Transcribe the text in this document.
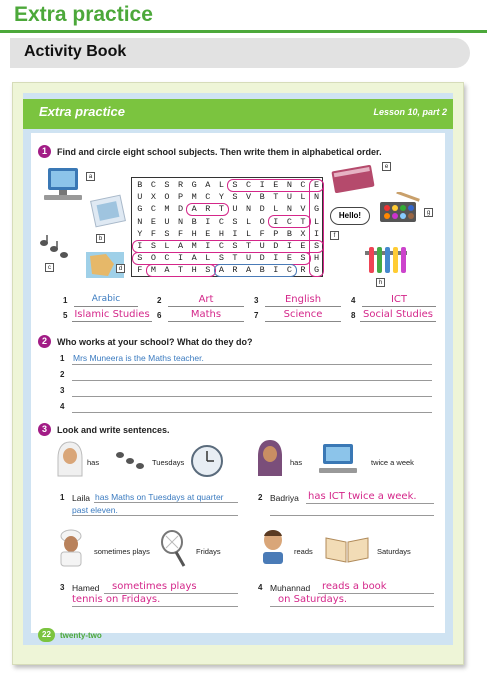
Extra practice
Activity Book
Extra practice	Lesson 10, part 2
1	Find and circle eight school subjects. Then write them in alphabetical order.
a
b
c	d
e
Hello!
f
g
h
B C S	R G	A L S	C I	E N C	E
U X O	P M	C Y S	V B	T U L	N
G C M	D A	R T U	N D	L N V	G
N E U	N B	I C S	L O	I C T	L
Y F S	F H	E H I	L F	P B X	I
I S L	A M	I C S	T U	D I E	S
S O C	I A	L S T	U D	I E S	H
F M A	T H	S A R	A B	I C R	G
1	Arabic	2	Art	3	English	4	ICT
5 Islamic Studies 6	Maths	7	Science	8 Social Studies
2	Who works at your school? What do they do?
1 Mrs Muneera is the Maths teacher.
2
3
4
3	Look and write sentences.
has	Tuesdays	has	twice a week
1 Laila has Maths on Tuesdays at quarter
past eleven.
2 Badriya has ICT twice a week.
sometimes plays	Fridays	reads	Saturdays
3 Hamed sometimes plays
tennis on Fridays.
4 Muhannad reads a book
on Saturdays.
22	twenty-two
